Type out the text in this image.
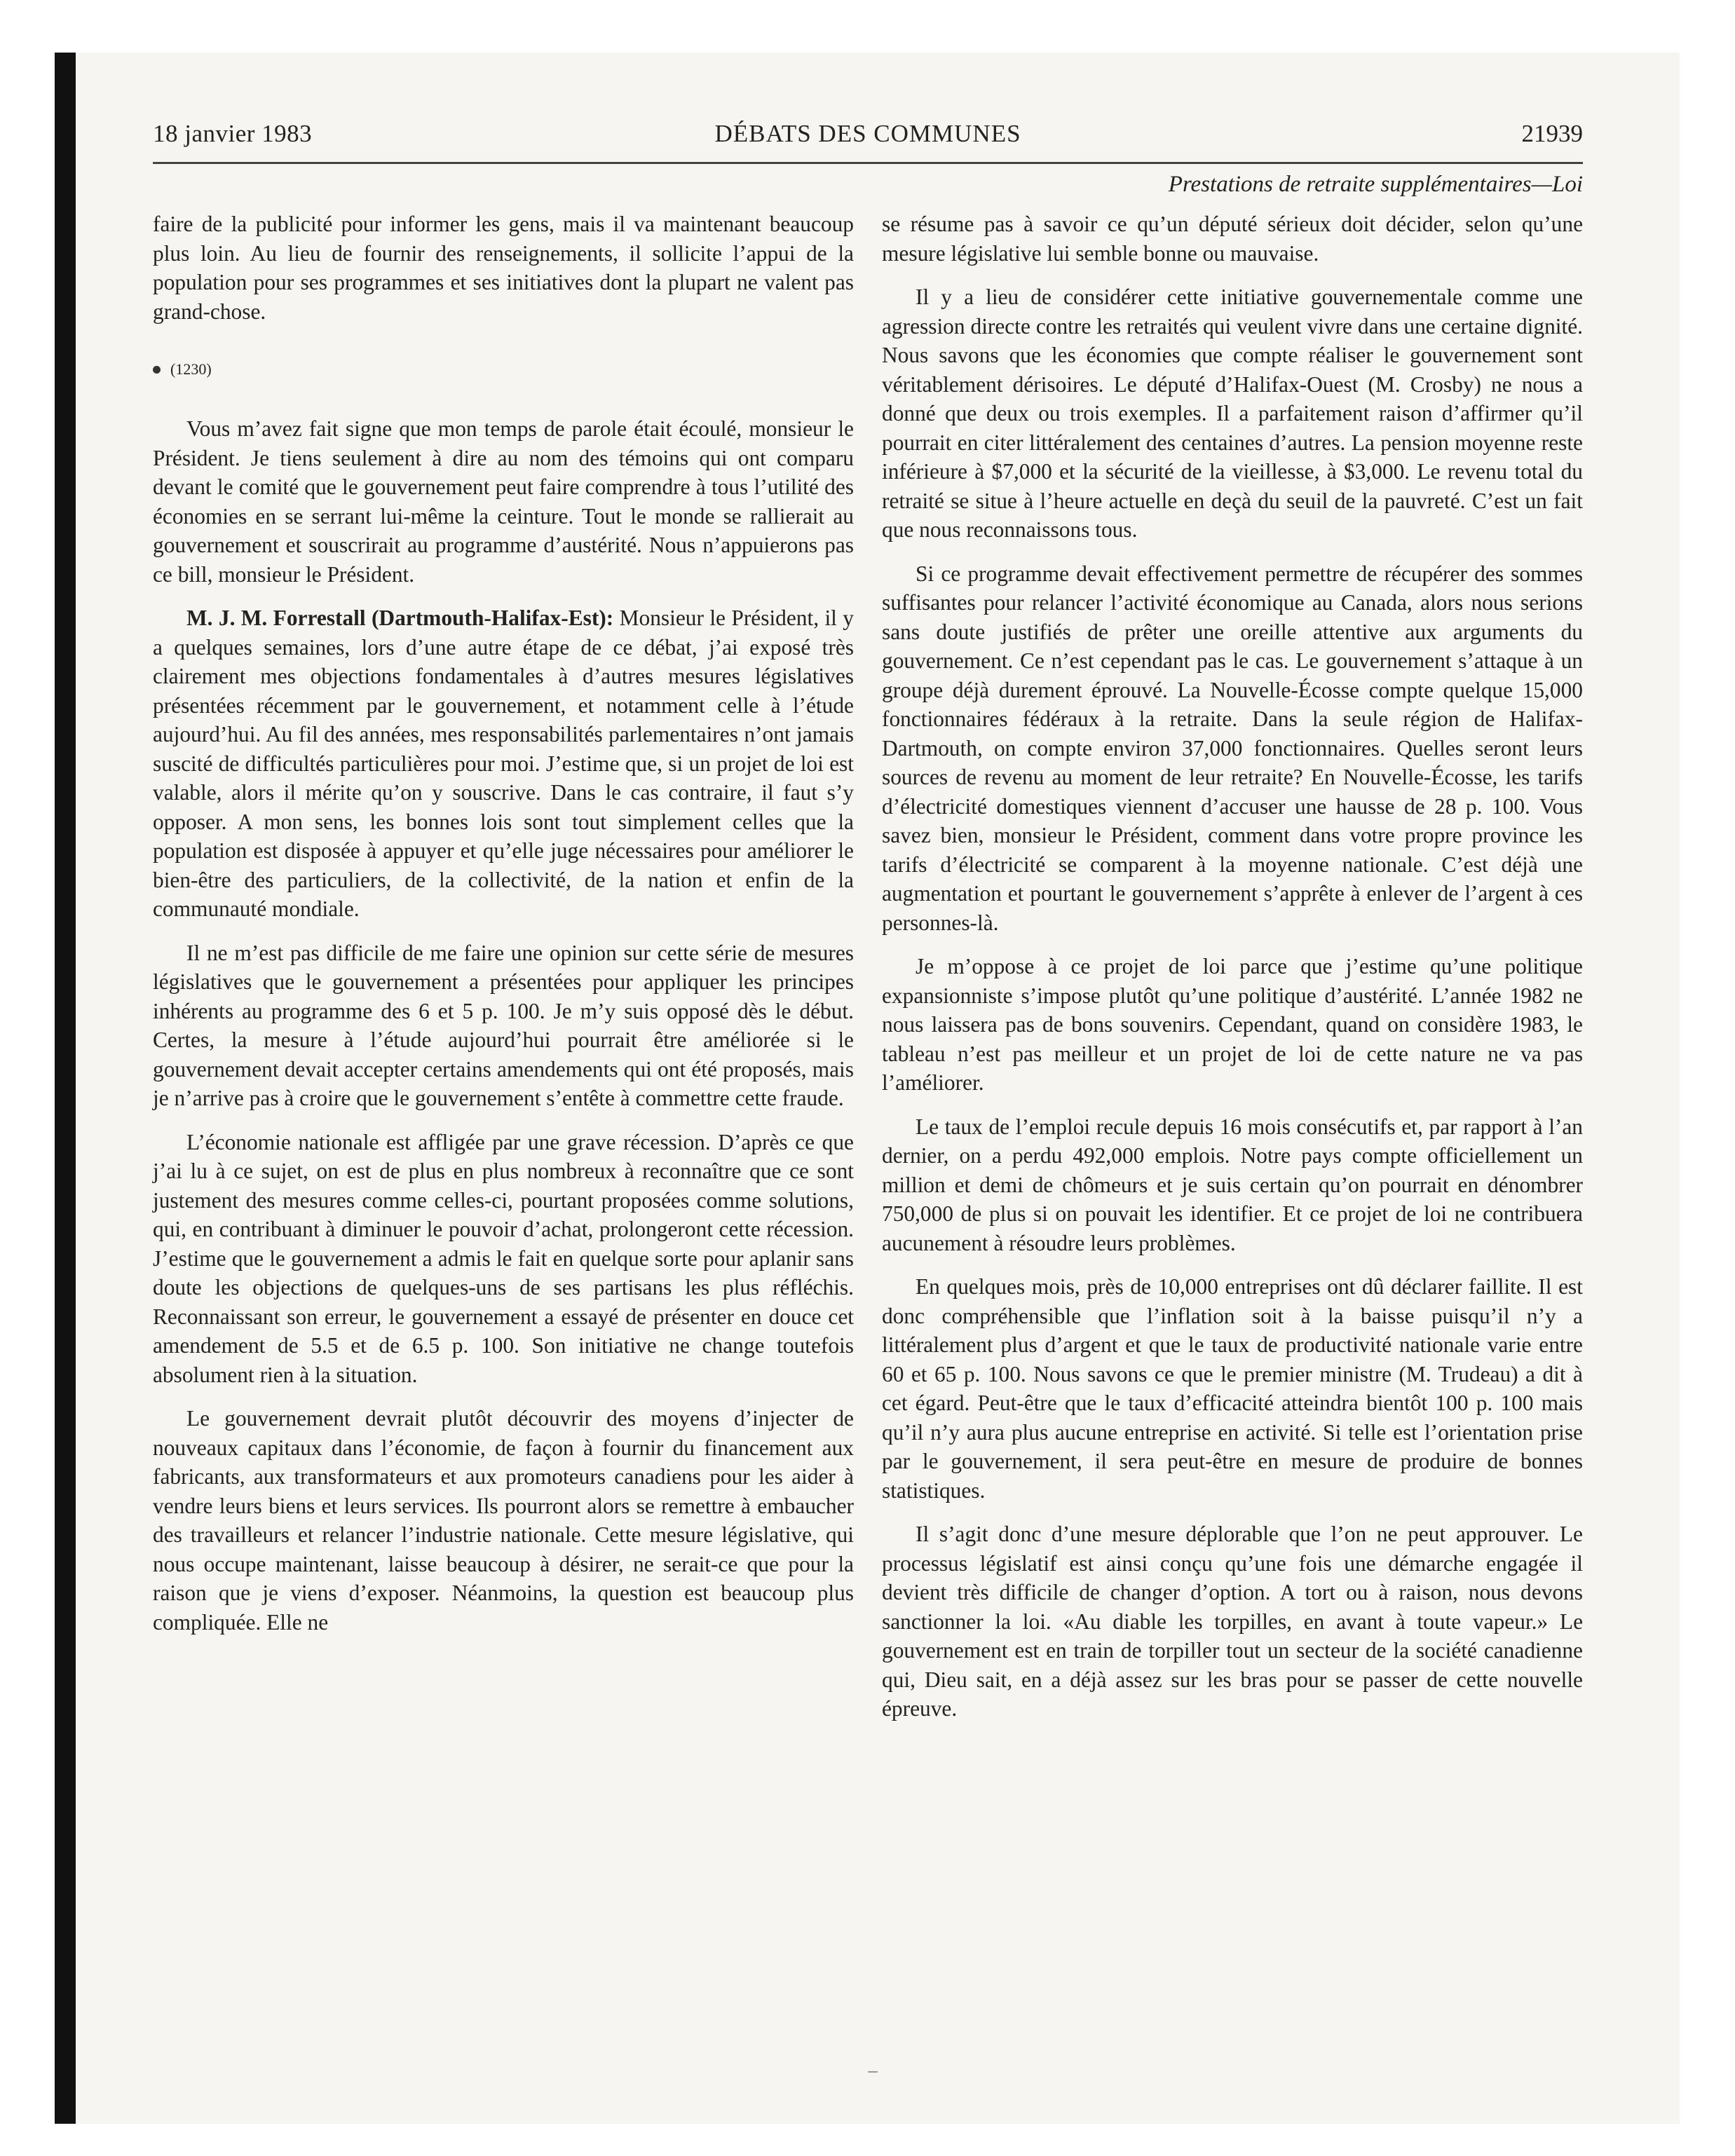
18 janvier 1983	DÉBATS DES COMMUNES	21939
Prestations de retraite supplémentaires—Loi

faire de la publicité pour informer les gens, mais il va maintenant beaucoup plus loin. Au lieu de fournir des renseignements, il sollicite l’appui de la population pour ses programmes et ses initiatives dont la plupart ne valent pas grand-chose.

(1230)

Vous m’avez fait signe que mon temps de parole était écoulé, monsieur le Président. Je tiens seulement à dire au nom des témoins qui ont comparu devant le comité que le gouvernement peut faire comprendre à tous l’utilité des économies en se serrant lui-même la ceinture. Tout le monde se rallierait au gouvernement et souscrirait au programme d’austérité. Nous n’appuierons pas ce bill, monsieur le Président.

M. J. M. Forrestall (Dartmouth-Halifax-Est): Monsieur le Président, il y a quelques semaines, lors d’une autre étape de ce débat, j’ai exposé très clairement mes objections fondamentales à d’autres mesures législatives présentées récemment par le gouvernement, et notamment celle à l’étude aujourd’hui. Au fil des années, mes responsabilités parlementaires n’ont jamais suscité de difficultés particulières pour moi. J’estime que, si un projet de loi est valable, alors il mérite qu’on y souscrive. Dans le cas contraire, il faut s’y opposer. A mon sens, les bonnes lois sont tout simplement celles que la population est disposée à appuyer et qu’elle juge nécessaires pour améliorer le bien-être des particuliers, de la collectivité, de la nation et enfin de la communauté mondiale.

Il ne m’est pas difficile de me faire une opinion sur cette série de mesures législatives que le gouvernement a présentées pour appliquer les principes inhérents au programme des 6 et 5 p. 100. Je m’y suis opposé dès le début. Certes, la mesure à l’étude aujourd’hui pourrait être améliorée si le gouvernement devait accepter certains amendements qui ont été proposés, mais je n’arrive pas à croire que le gouvernement s’entête à commettre cette fraude.

L’économie nationale est affligée par une grave récession. D’après ce que j’ai lu à ce sujet, on est de plus en plus nombreux à reconnaître que ce sont justement des mesures comme celles-ci, pourtant proposées comme solutions, qui, en contribuant à diminuer le pouvoir d’achat, prolongeront cette récession. J’estime que le gouvernement a admis le fait en quelque sorte pour aplanir sans doute les objections de quelques-uns de ses partisans les plus réfléchis. Reconnaissant son erreur, le gouvernement a essayé de présenter en douce cet amendement de 5.5 et de 6.5 p. 100. Son initiative ne change toutefois absolument rien à la situation.

Le gouvernement devrait plutôt découvrir des moyens d’injecter de nouveaux capitaux dans l’économie, de façon à fournir du financement aux fabricants, aux transformateurs et aux promoteurs canadiens pour les aider à vendre leurs biens et leurs services. Ils pourront alors se remettre à embaucher des travailleurs et relancer l’industrie nationale. Cette mesure législative, qui nous occupe maintenant, laisse beaucoup à désirer, ne serait-ce que pour la raison que je viens d’exposer. Néanmoins, la question est beaucoup plus compliquée. Elle ne

se résume pas à savoir ce qu’un député sérieux doit décider, selon qu’une mesure législative lui semble bonne ou mauvaise.

Il y a lieu de considérer cette initiative gouvernementale comme une agression directe contre les retraités qui veulent vivre dans une certaine dignité. Nous savons que les économies que compte réaliser le gouvernement sont véritablement dérisoires. Le député d’Halifax-Ouest (M. Crosby) ne nous a donné que deux ou trois exemples. Il a parfaitement raison d’affirmer qu’il pourrait en citer littéralement des centaines d’autres. La pension moyenne reste inférieure à $7,000 et la sécurité de la vieillesse, à $3,000. Le revenu total du retraité se situe à l’heure actuelle en deçà du seuil de la pauvreté. C’est un fait que nous reconnaissons tous.

Si ce programme devait effectivement permettre de récupérer des sommes suffisantes pour relancer l’activité économique au Canada, alors nous serions sans doute justifiés de prêter une oreille attentive aux arguments du gouvernement. Ce n’est cependant pas le cas. Le gouvernement s’attaque à un groupe déjà durement éprouvé. La Nouvelle-Écosse compte quelque 15,000 fonctionnaires fédéraux à la retraite. Dans la seule région de Halifax-Dartmouth, on compte environ 37,000 fonctionnaires. Quelles seront leurs sources de revenu au moment de leur retraite? En Nouvelle-Écosse, les tarifs d’électricité domestiques viennent d’accuser une hausse de 28 p. 100. Vous savez bien, monsieur le Président, comment dans votre propre province les tarifs d’électricité se comparent à la moyenne nationale. C’est déjà une augmentation et pourtant le gouvernement s’apprête à enlever de l’argent à ces personnes-là.

Je m’oppose à ce projet de loi parce que j’estime qu’une politique expansionniste s’impose plutôt qu’une politique d’austérité. L’année 1982 ne nous laissera pas de bons souvenirs. Cependant, quand on considère 1983, le tableau n’est pas meilleur et un projet de loi de cette nature ne va pas l’améliorer.

Le taux de l’emploi recule depuis 16 mois consécutifs et, par rapport à l’an dernier, on a perdu 492,000 emplois. Notre pays compte officiellement un million et demi de chômeurs et je suis certain qu’on pourrait en dénombrer 750,000 de plus si on pouvait les identifier. Et ce projet de loi ne contribuera aucunement à résoudre leurs problèmes.

En quelques mois, près de 10,000 entreprises ont dû déclarer faillite. Il est donc compréhensible que l’inflation soit à la baisse puisqu’il n’y a littéralement plus d’argent et que le taux de productivité nationale varie entre 60 et 65 p. 100. Nous savons ce que le premier ministre (M. Trudeau) a dit à cet égard. Peut-être que le taux d’efficacité atteindra bientôt 100 p. 100 mais qu’il n’y aura plus aucune entreprise en activité. Si telle est l’orientation prise par le gouvernement, il sera peut-être en mesure de produire de bonnes statistiques.

Il s’agit donc d’une mesure déplorable que l’on ne peut approuver. Le processus législatif est ainsi conçu qu’une fois une démarche engagée il devient très difficile de changer d’option. A tort ou à raison, nous devons sanctionner la loi. «Au diable les torpilles, en avant à toute vapeur.» Le gouvernement est en train de torpiller tout un secteur de la société canadienne qui, Dieu sait, en a déjà assez sur les bras pour se passer de cette nouvelle épreuve.
